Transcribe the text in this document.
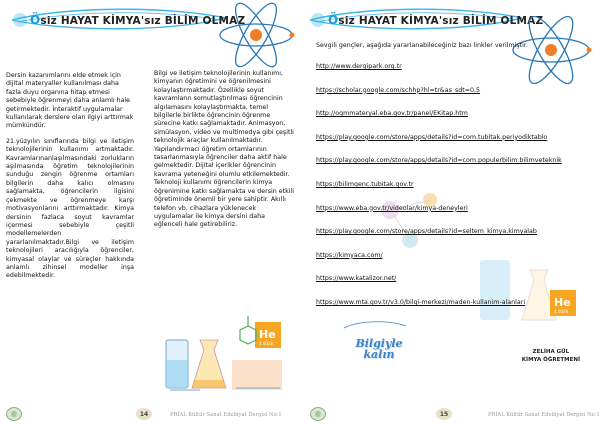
Ösiz HAYAT KİMYA'sız BİLİM OLMAZ

Dersin kazanımlarını elde etmek için dijital materyaller kullanılması daha fazla duyu organına hitap etmesi sebebiyle öğrenmeyi daha anlamlı hale getirmektedir. İnteraktif uygulamalar kullanılarak derslere olan ilgiyi arttırmak mümkündür.

21.yüzyılın sınıflarında bilgi ve iletişim teknolojilerinin kullanımı artmaktadır. Kavramlarınanlaşılmasındaki zorlukların aşılmasında öğretim teknolojilerinin sunduğu zengin öğrenme ortamları bilgilerin daha kalıcı olmasını sağlamakta, öğrencilerin ilgisini çekmekte ve öğrenmeye karşı motivasyonlarını arttırmaktadır. Kimya dersinin fazlaca soyut kavramlar içermesi sebebiyle çeşitli modellemelerden yararlanılmaktadır.Bilgi ve iletişim teknolojileri aracılığıyla öğrenciler, kimyasal olaylar ve süreçler hakkında anlamlı zihinsel modeller inşa edebilmektedir.

Bilgi ve iletişim teknolojilerinin kullanımı, kimyanın öğretimini ve öğrenilmesini kolaylaştırmaktadır. Özellikle soyut kavramların somutlaştırılması öğrencinin algılamasını kolaylaştırmakta, temel bilgilerle birlikte öğrencinin öğrenme sürecine katkı sağlamaktadır. Animasyon, simülasyon, video ve multimedya gibi çeşitli teknolojik araçlar kullanılmaktadır. Yapılandırmacı öğretim ortamlarının tasarlanmasıyla öğrenciler daha aktif hale gelmektedir. Dijital içerikler öğrencinin kavrama yeteneğini olumlu etkilemektedir. Teknoloji kullanımı öğrencilerin kimya öğrenimine katkı sağlamakta ve dersin etkili öğretiminde önemli bir yere sahiptir. Akıllı telefon vb. cihazlara yüklenecek uygulamalar ile kimya dersini daha eğlenceli hale getirebiliriz.

He
4.0026
14	PRİAL Kültür Sanat Edebiyat Dergisi No:1
Ösiz HAYAT KİMYA'sız BİLİM OLMAZ
He
4.0026

Sevgili gençler, aşağıda yararlanabileceğiniz bazı linkler verilmiştir.

http://www.dergipark.org.tr

https://scholar.google.com/schhp?hl=tr&as_sdt=0,5

http://ogmmateryal.eba.gov.tr/panel/EKitap.htm

https://play.google.com/store/apps/details?id=com.tubitak.periyodiktablo

https://play.google.com/store/apps/details?id=com.populerbilim.bilimveteknik

https://bilimgenc.tubitak.gov.tr

https://www.eba.gov.tr/videolar/kimya-deneyleri

https://play.google.com/store/apps/details?id=seltem_kimya.kimyalab

https://kimyaca.com/

https://www.katalizor.net/

https://www.mta.gov.tr/v3.0/bilgi-merkezi/maden-kullanim-alanlari

Bilgiyle
kalın	ZELİHA GÜL
KİMYA ÖĞRETMENİ
15	PRİAL Kültür Sanat Edebiyat Dergisi No:1
